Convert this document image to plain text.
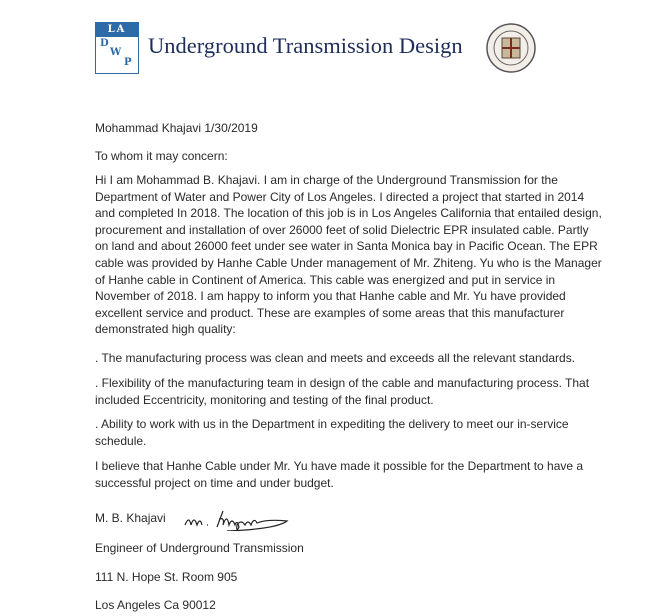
LA
D
W
P
Underground Transmission Design
Mohammad Khajavi 1/30/2019
To whom it may concern:
Hi I am Mohammad B. Khajavi. I am in charge of the Underground Transmission for the
Department of Water and Power City of Los Angeles. I directed a project that started in 2014
and completed In 2018. The location of this job is in Los Angeles California that entailed design,
procurement and installation of over 26000 feet of solid Dielectric EPR insulated cable. Partly
on land and about 26000 feet under see water in Santa Monica bay in Pacific Ocean. The EPR
cable was provided by Hanhe Cable Under management of Mr. Zhiteng. Yu who is the Manager
of Hanhe cable in Continent of America. This cable was energized and put in service in
November of 2018. I am happy to inform you that Hanhe cable and Mr. Yu have provided
excellent service and product. These are examples of some areas that this manufacturer
demonstrated high quality:
. The manufacturing process was clean and meets and exceeds all the relevant standards.
. Flexibility of the manufacturing team in design of the cable and manufacturing process. That
included Eccentricity, monitoring and testing of the final product.
. Ability to work with us in the Department in expediting the delivery to meet our in-service
schedule.
I believe that Hanhe Cable under Mr. Yu have made it possible for the Department to have a
successful project on time and under budget.
M. B. Khajavi
Engineer of Underground Transmission
111 N. Hope St. Room 905
Los Angeles Ca 90012
